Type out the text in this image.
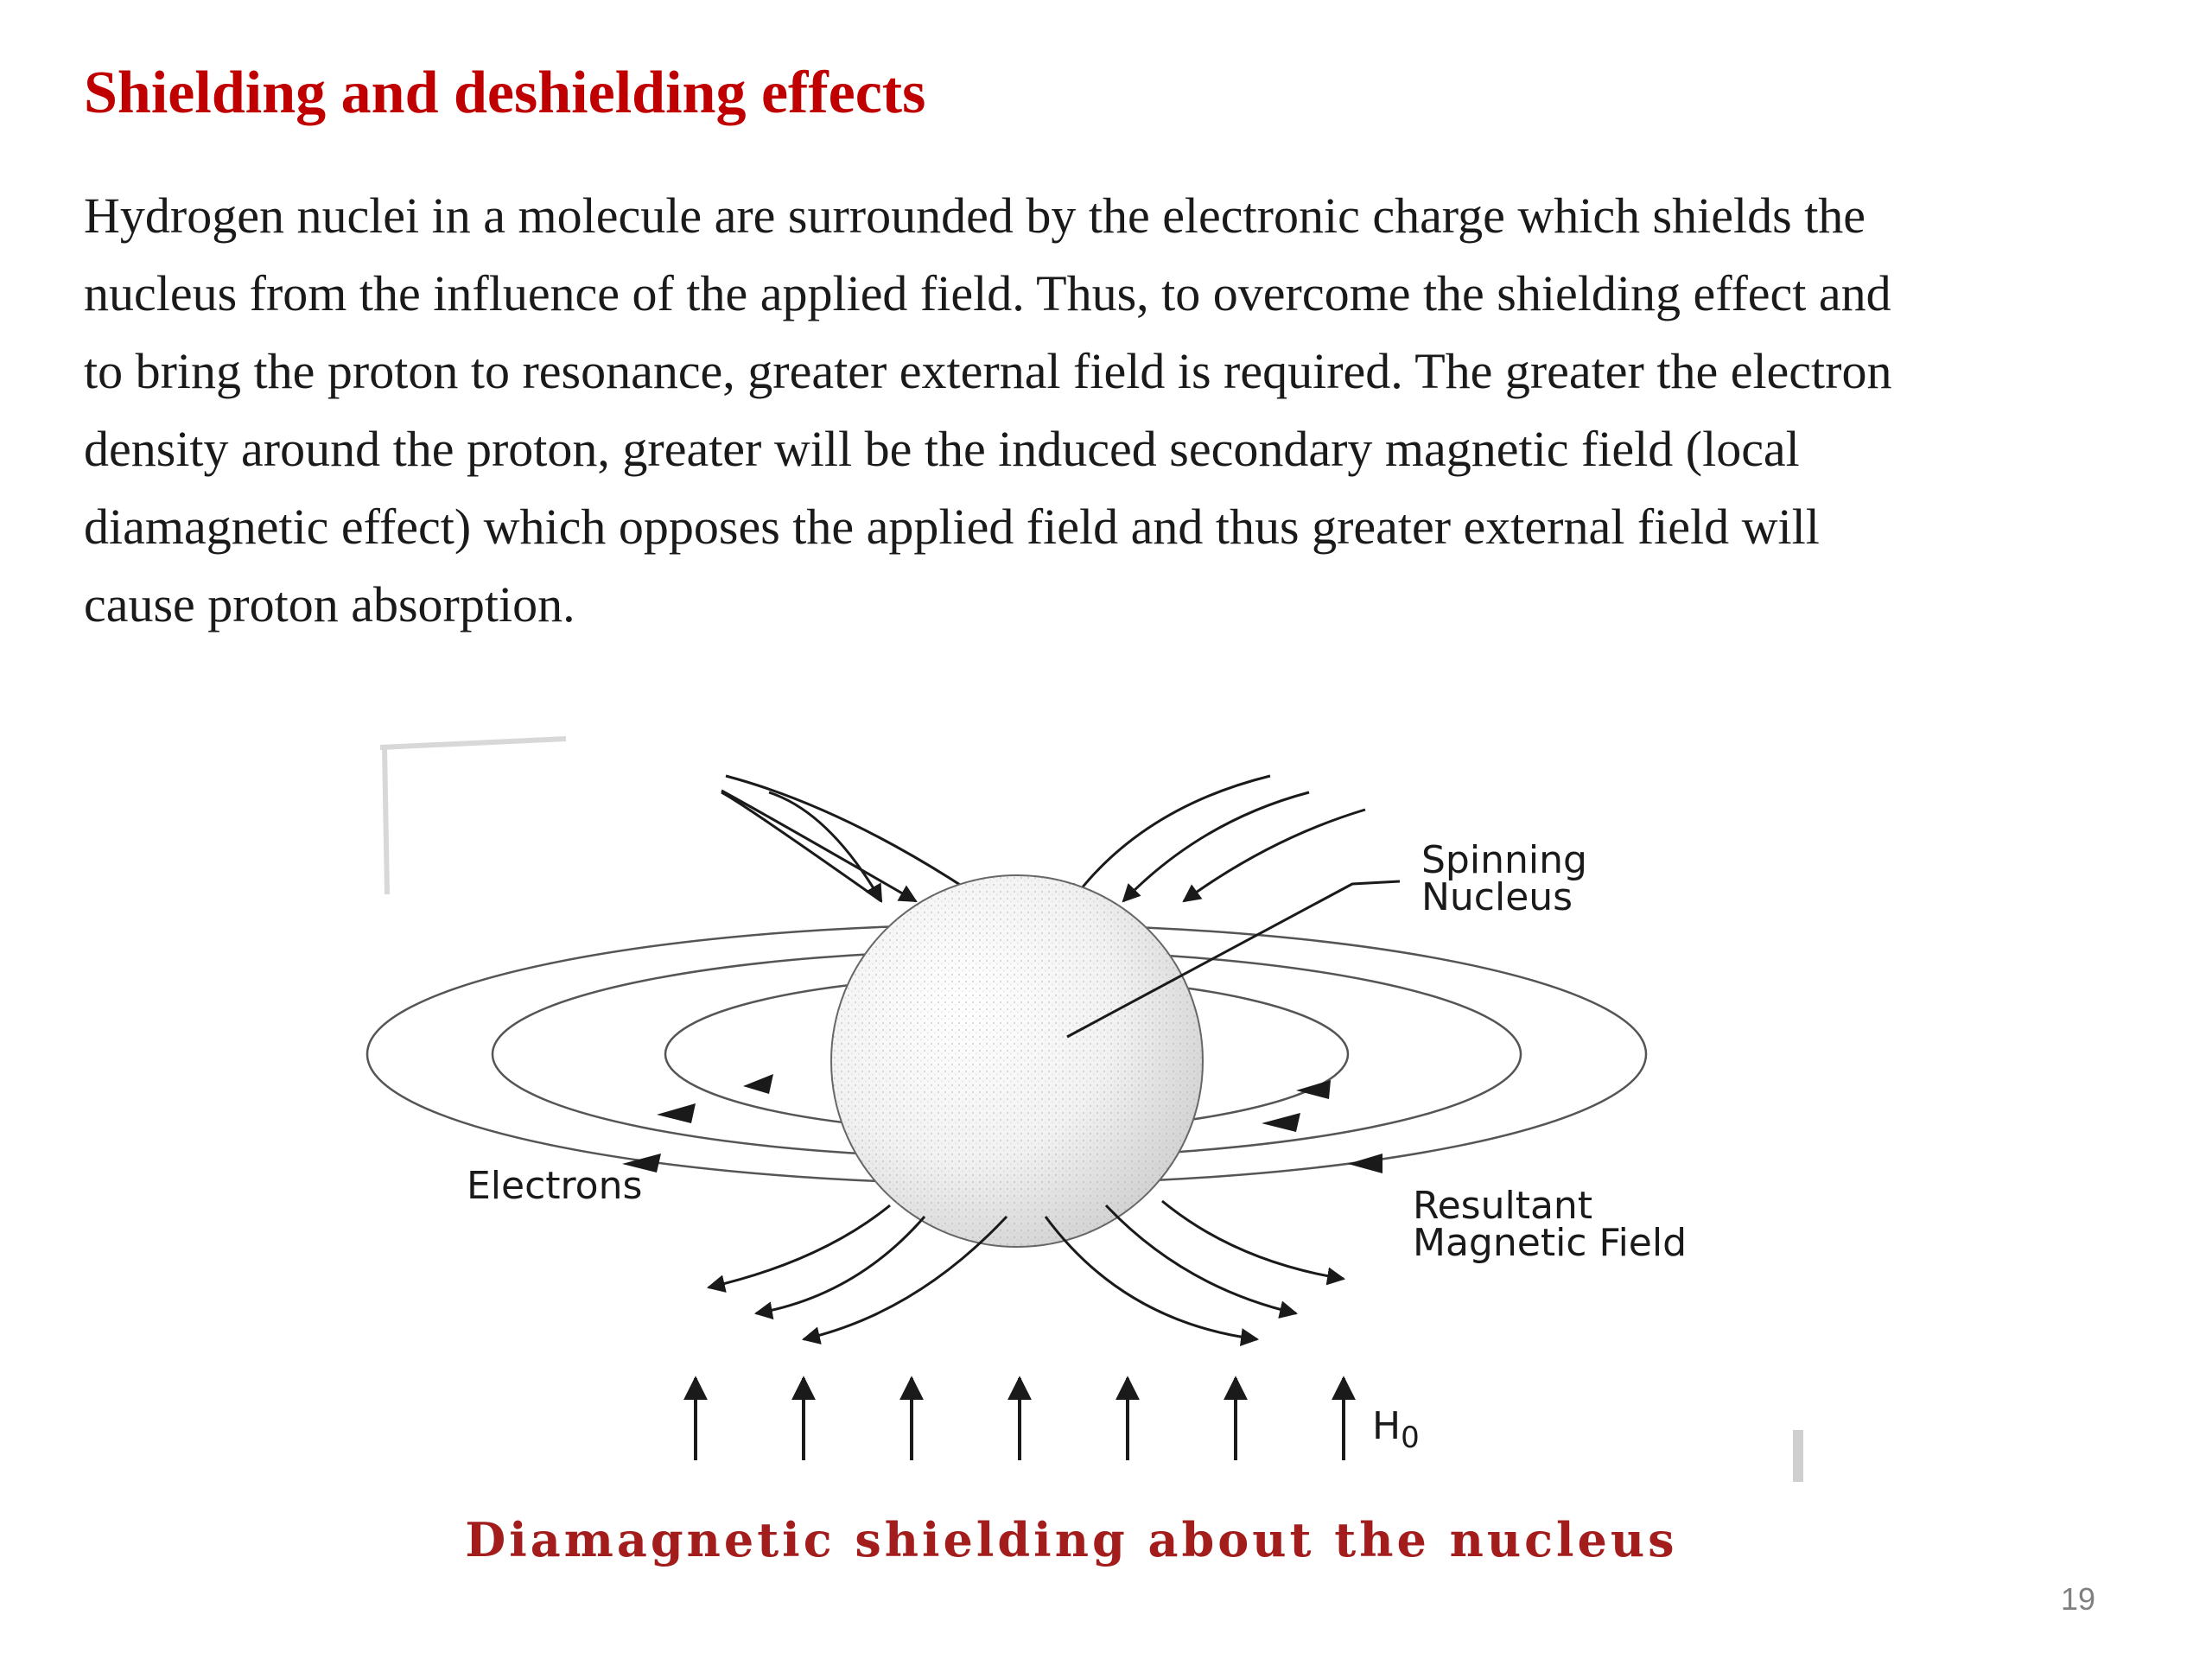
Shielding and deshielding effects

Hydrogen nuclei in a molecule are surrounded by the electronic charge which shields the
nucleus from the influence of the applied field. Thus, to overcome the shielding effect and
to bring the proton to resonance, greater external field is required. The greater the electron
density around the proton, greater will be the induced secondary magnetic field (local
diamagnetic effect) which opposes the applied field and thus greater external field will
cause proton absorption.

Spinning
Nucleus
Electrons	Resultant
Magnetic Field
$H_0$

Diamagnetic shielding about the nucleus

19
